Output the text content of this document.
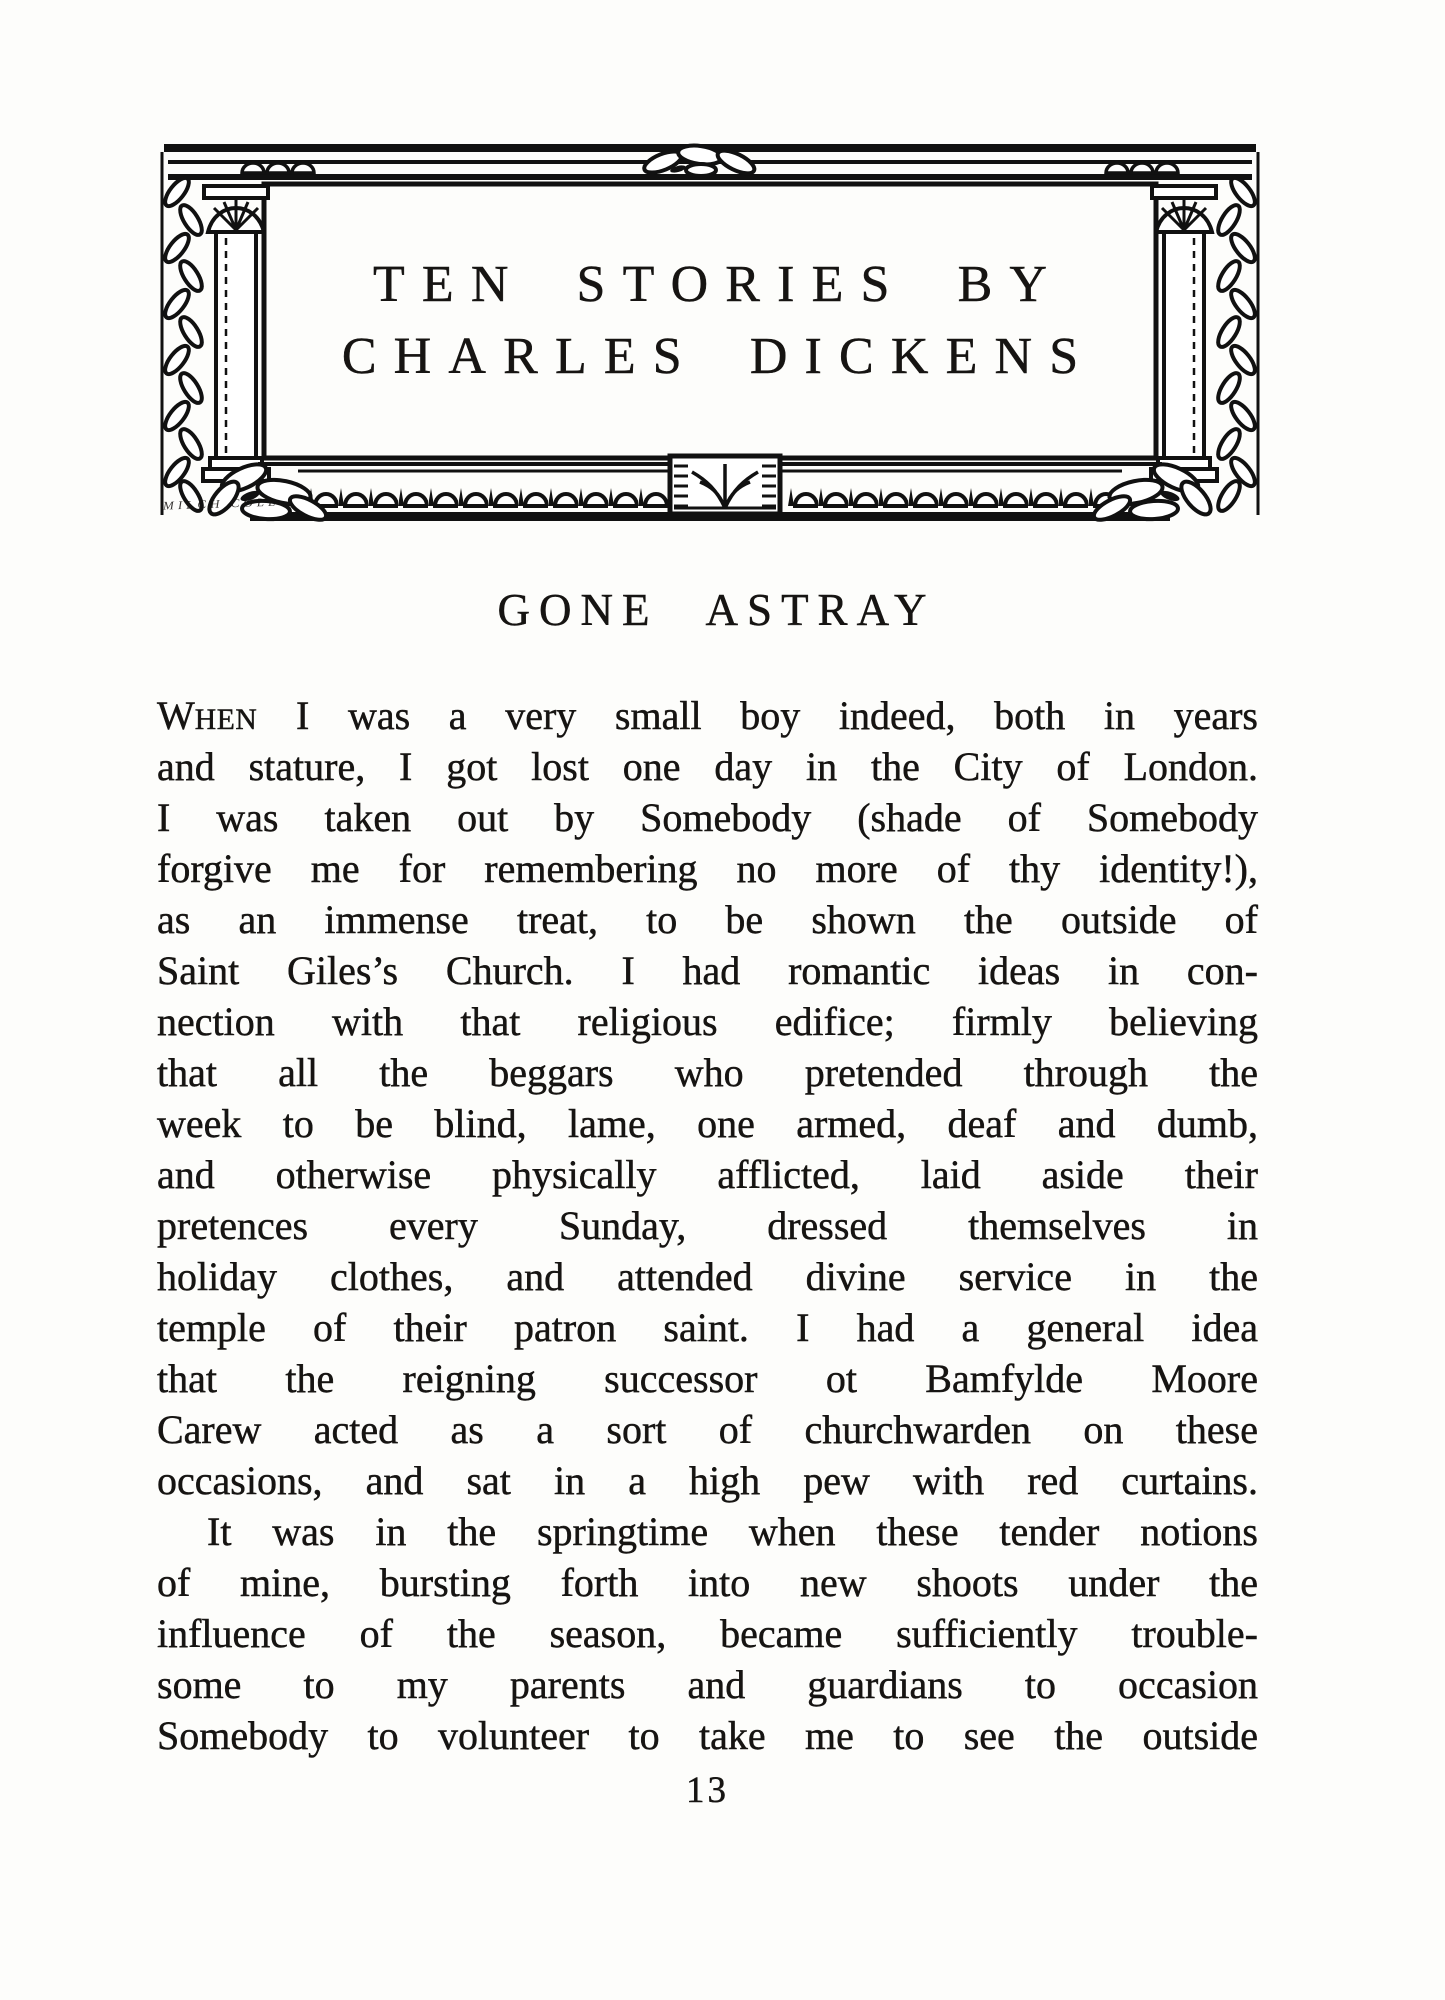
TEN STORIES BY
CHARLES DICKENS
MILCH COLL
GONE ASTRAY
WHEN I was a very small boy indeed, both in years
and stature, I got lost one day in the City of London.
I was taken out by Somebody (shade of Somebody
forgive me for remembering no more of thy identity!),
as an immense treat, to be shown the outside of
Saint Giles’s Church. I had romantic ideas in con-
nection with that religious edifice; firmly believing
that all the beggars who pretended through the
week to be blind, lame, one armed, deaf and dumb,
and otherwise physically afflicted, laid aside their
pretences every Sunday, dressed themselves in
holiday clothes, and attended divine service in the
temple of their patron saint. I had a general idea
that the reigning successor ot Bamfylde Moore
Carew acted as a sort of churchwarden on these
occasions, and sat in a high pew with red curtains.
It was in the springtime when these tender notions
of mine, bursting forth into new shoots under the
influence of the season, became sufficiently trouble-
some to my parents and guardians to occasion
Somebody to volunteer to take me to see the outside
13
